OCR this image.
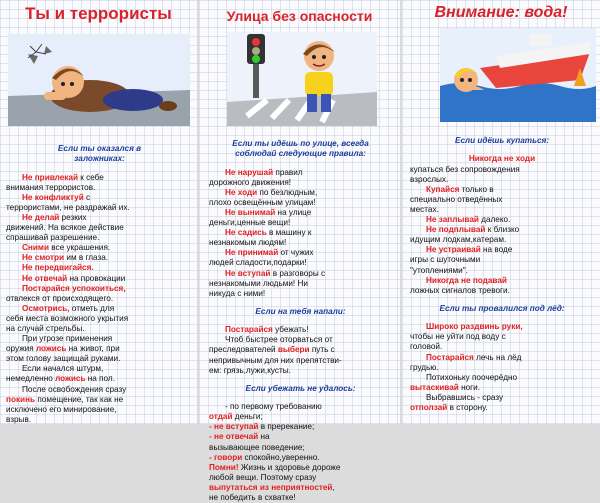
Ты и террористы

Если ты оказался в
заложниках:

Не привлекай к себе

внимания террористов.

Не конфликтуй с

террористами, не раздражай их.

Не делай резких

движений. На всякое действие

спрашивай разрешение.

Сними все украшения.

Не смотри им в глаза.

Не передвигайся.

Не отвечай на провокации

Постарайся успокоиться,

отвлекся от происходящего.

Осмотрись, отметь для

себя места возможного укрытия

на случай стрельбы.

При угрозе применения

оружия ложись на живот, при

этом голову защищай руками.

Если начался штурм,

немедленно ложись на пол.

После освобождения сразу

покинь помещение, так как не

исключено его минирование,

взрыв.

Улица без опасности

Если ты идёшь по улице, всегда
соблюдай следующие правила:

Не нарушай правил

дорожного движения!

Не ходи по безлюдным,

плохо освещённым улицам!

Не вынимай на улице

деньги,ценные вещи!

Не садись в машину к

незнакомым людям!

Не принимай от чужих

людей сладости,подарки!

Не вступай в разговоры с

незнакомыми людьми! Ни

никуда с ними!

Если на тебя напали:

Постарайся убежать!

Чтоб быстрее оторваться от

преследователей выбери путь с

непривычным для них препятстви-

ем: грязь,лужи,кусты.

Если убежать не удалось:

- по первому требованию

отдай деньги;

- не вступай в пререкание;

- не отвечай на

вызывающее поведение;

- говори спокойно,уверенно.

Помни! Жизнь и здоровье дороже

любой вещи. Поэтому сразу

выпутаться из неприятностей,

не победить в схватке!

Внимание: вода!

Если идёшь купаться:

Никогда не ходи

купаться без сопровождения

взрослых.

Купайся только в

специально отведённых

местах.

Не заплывай далеко.

Не подплывай к близко

идущим лодкам,катерам.

Не устраивай на воде

игры с шуточными

"утоплениями".

Никогда не подавай

ложных сигналов тревоги.

Если ты провалился под лёд:

Широко раздвинь руки,

чтобы не уйти под воду с

головой.

Постарайся лечь на лёд

грудью.

Потихоньку поочерёдно

вытаскивай ноги.

Выбравшись - сразу

отползай в сторону.
